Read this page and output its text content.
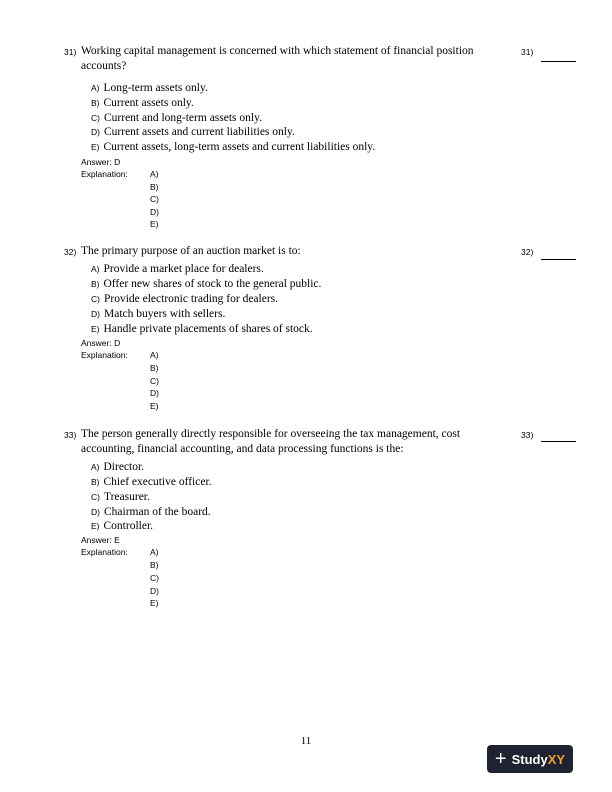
31) Working capital management is concerned with which statement of financial position
accounts?
31)
A) Long-term assets only.
B) Current assets only.
C) Current and long-term assets only.
D) Current assets and current liabilities only.
E) Current assets, long-term assets and current liabilities only.
Answer: D
Explanation:	A)
B)
C)
D)
E)
32) The primary purpose of an auction market is to:	32)
A) Provide a market place for dealers.
B) Offer new shares of stock to the general public.
C) Provide electronic trading for dealers.
D) Match buyers with sellers.
E) Handle private placements of shares of stock.
Answer: D
Explanation:	A)
B)
C)
D)
E)
33) The person generally directly responsible for overseeing the tax management, cost
accounting, financial accounting, and data processing functions is the:
33)
A) Director.
B) Chief executive officer.
C) Treasurer.
D) Chairman of the board.
E) Controller.
Answer: E
Explanation:	A)
B)
C)
D)
E)
11
+ Study XY
